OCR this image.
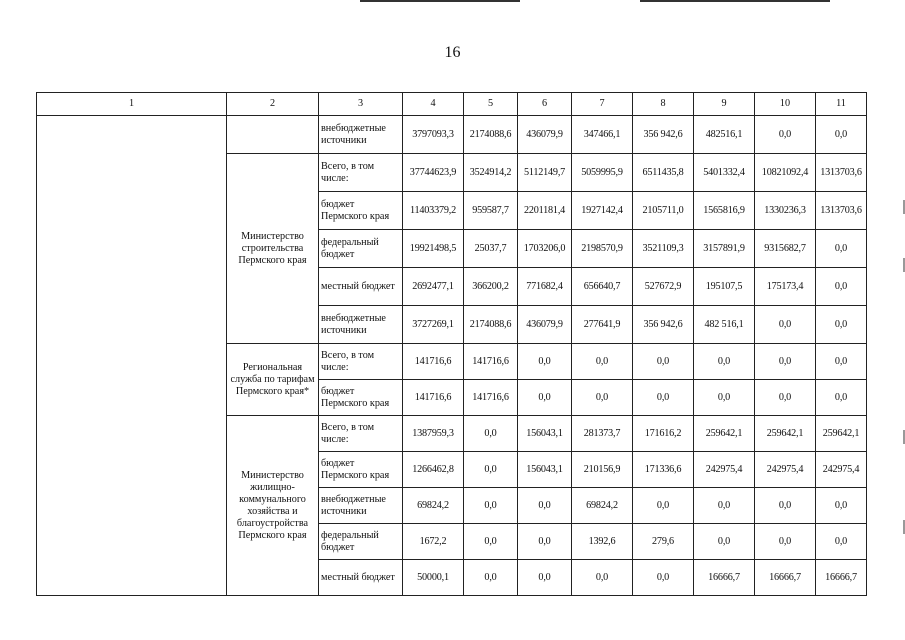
16
1	2	3	4	5	6	7	8	9	10	11
		внебюджетные источники	3797093,3	2174088,6	436079,9	347466,1	356 942,6	482516,1	0,0	0,0
	Министерство строительства Пермского края	Всего, в том числе:	37744623,9	3524914,2	5112149,7	5059995,9	6511435,8	5401332,4	10821092,4	1313703,6
		бюджет Пермского края	11403379,2	959587,7	2201181,4	1927142,4	2105711,0	1565816,9	1330236,3	1313703,6
		федеральный бюджет	19921498,5	25037,7	1703206,0	2198570,9	3521109,3	3157891,9	9315682,7	0,0
		местный бюджет	2692477,1	366200,2	771682,4	656640,7	527672,9	195107,5	175173,4	0,0
		внебюджетные источники	3727269,1	2174088,6	436079,9	277641,9	356 942,6	482 516,1	0,0	0,0
	Региональная служба по тарифам Пермского края*	Всего, в том числе:	141716,6	141716,6	0,0	0,0	0,0	0,0	0,0	0,0
		бюджет Пермского края	141716,6	141716,6	0,0	0,0	0,0	0,0	0,0	0,0
	Министерство жилищно-коммунального хозяйства и благоустройства Пермского края	Всего, в том числе:	1387959,3	0,0	156043,1	281373,7	171616,2	259642,1	259642,1	259642,1
		бюджет Пермского края	1266462,8	0,0	156043,1	210156,9	171336,6	242975,4	242975,4	242975,4
		внебюджетные источники	69824,2	0,0	0,0	69824,2	0,0	0,0	0,0	0,0
		федеральный бюджет	1672,2	0,0	0,0	1392,6	279,6	0,0	0,0	0,0
		местный бюджет	50000,1	0,0	0,0	0,0	0,0	16666,7	16666,7	16666,7
